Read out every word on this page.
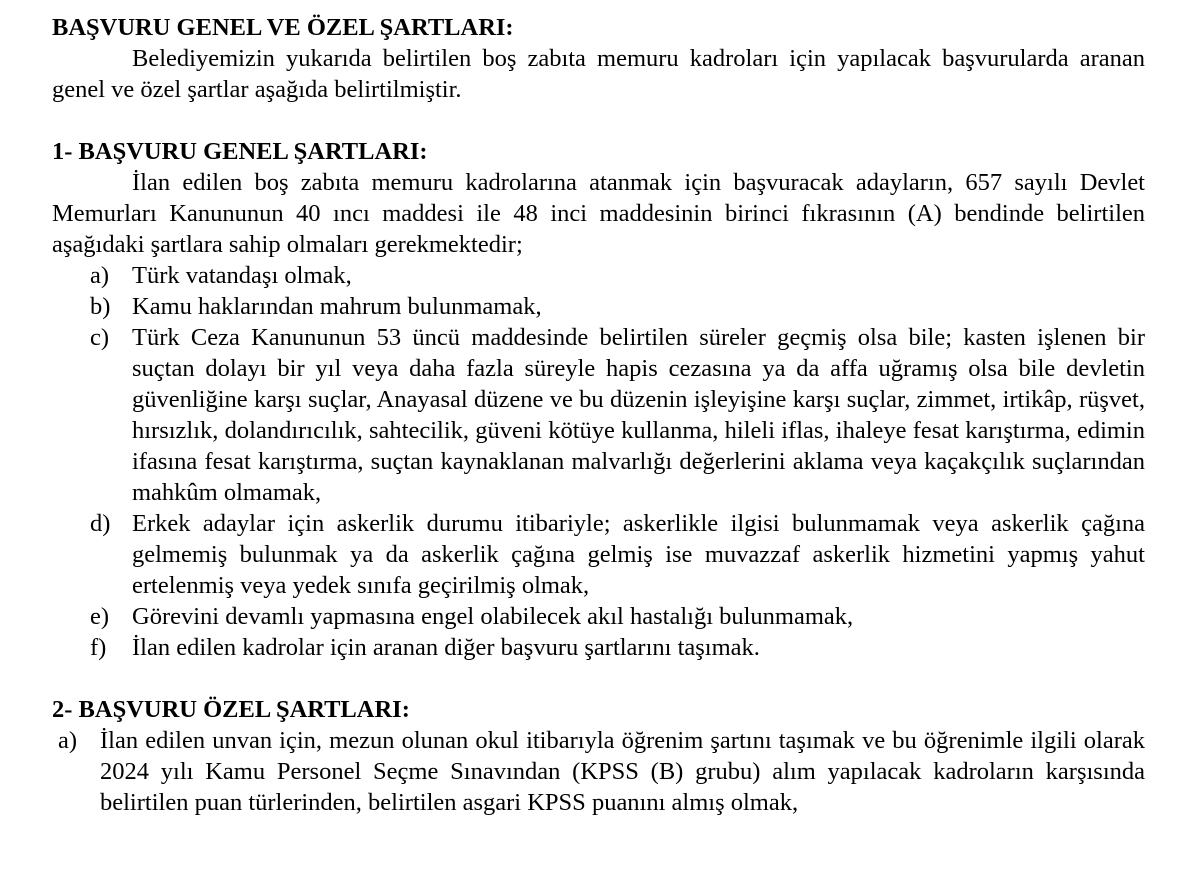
BAŞVURU GENEL VE ÖZEL ŞARTLARI:

Belediyemizin yukarıda belirtilen boş zabıta memuru kadroları için yapılacak başvurularda aranan genel ve özel şartlar aşağıda belirtilmiştir.

1- BAŞVURU GENEL ŞARTLARI:

İlan edilen boş zabıta memuru kadrolarına atanmak için başvuracak adayların, 657 sayılı Devlet Memurları Kanununun 40 ıncı maddesi ile 48 inci maddesinin birinci fıkrasının (A) bendinde belirtilen aşağıdaki şartlara sahip olmaları gerekmektedir;

a) Türk vatandaşı olmak,
b) Kamu haklarından mahrum bulunmamak,
c) Türk Ceza Kanununun 53 üncü maddesinde belirtilen süreler geçmiş olsa bile; kasten işlenen bir suçtan dolayı bir yıl veya daha fazla süreyle hapis cezasına ya da affa uğramış olsa bile devletin güvenliğine karşı suçlar, Anayasal düzene ve bu düzenin işleyişine karşı suçlar, zimmet, irtikâp, rüşvet, hırsızlık, dolandırıcılık, sahtecilik, güveni kötüye kullanma, hileli iflas, ihaleye fesat karıştırma, edimin ifasına fesat karıştırma, suçtan kaynaklanan malvarlığı değerlerini aklama veya kaçakçılık suçlarından mahkûm olmamak,
d) Erkek adaylar için askerlik durumu itibariyle; askerlikle ilgisi bulunmamak veya askerlik çağına gelmemiş bulunmak ya da askerlik çağına gelmiş ise muvazzaf askerlik hizmetini yapmış yahut ertelenmiş veya yedek sınıfa geçirilmiş olmak,
e) Görevini devamlı yapmasına engel olabilecek akıl hastalığı bulunmamak,
f)	İlan edilen kadrolar için aranan diğer başvuru şartlarını taşımak.

2- BAŞVURU ÖZEL ŞARTLARI:

a) İlan edilen unvan için, mezun olunan okul itibarıyla öğrenim şartını taşımak ve bu öğrenimle ilgili olarak 2024 yılı Kamu Personel Seçme Sınavından (KPSS (B) grubu) alım yapılacak kadroların karşısında belirtilen puan türlerinden, belirtilen asgari KPSS puanını almış olmak,
